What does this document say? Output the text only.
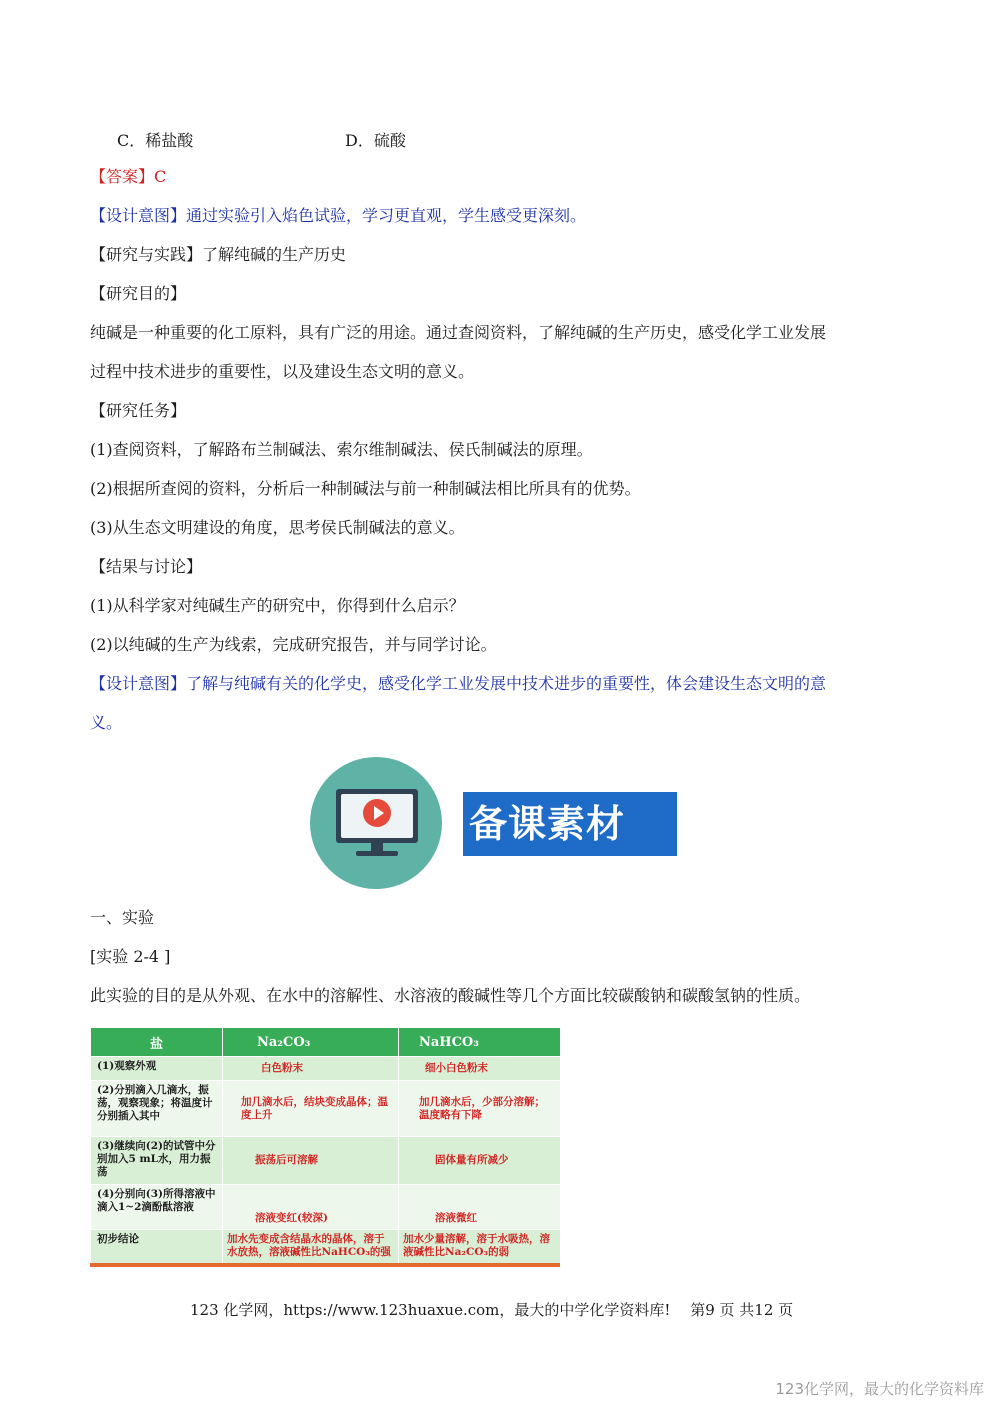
C．稀盐酸	D．硫酸
【答案】C
【设计意图】通过实验引入焰色试验，学习更直观，学生感受更深刻。
【研究与实践】了解纯碱的生产历史
【研究目的】
纯碱是一种重要的化工原料，具有广泛的用途。通过查阅资料，了解纯碱的生产历史，感受化学工业发展
过程中技术进步的重要性，以及建设生态文明的意义。
【研究任务】
(1)查阅资料，了解路布兰制碱法、索尔维制碱法、侯氏制碱法的原理。
(2)根据所查阅的资料，分析后一种制碱法与前一种制碱法相比所具有的优势。
(3)从生态文明建设的角度，思考侯氏制碱法的意义。
【结果与讨论】
(1)从科学家对纯碱生产的研究中，你得到什么启示？
(2)以纯碱的生产为线索，完成研究报告，并与同学讨论。
【设计意图】了解与纯碱有关的化学史，感受化学工业发展中技术进步的重要性，体会建设生态文明的意
义。
备课素材
一、实验
[实验 2-4 ]
此实验的目的是从外观、在水中的溶解性、水溶液的酸碱性等几个方面比较碳酸钠和碳酸氢钠的性质。
盐	Na₂CO₃	NaHCO₃
(1)观察外观	白色粉末	细小白色粉末
(2)分别滴入几滴水，振荡，观察现象；将温度计分别插入其中	加几滴水后，结块变成晶体；温度上升	加几滴水后，少部分溶解；温度略有下降
(3)继续向(2)的试管中分别加入5 mL水，用力振荡	振荡后可溶解	固体量有所减少
(4)分别向(3)所得溶液中滴入1~2滴酚酞溶液	溶液变红(较深)	溶液微红
初步结论	加水先变成含结晶水的晶体，溶于水放热，溶液碱性比NaHCO₃的强	加水少量溶解，溶于水吸热，溶液碱性比Na₂CO₃的弱
123 化学网，https://www.123huaxue.com，最大的中学化学资料库!　 第9 页 共12 页
123化学网，最大的化学资料库
